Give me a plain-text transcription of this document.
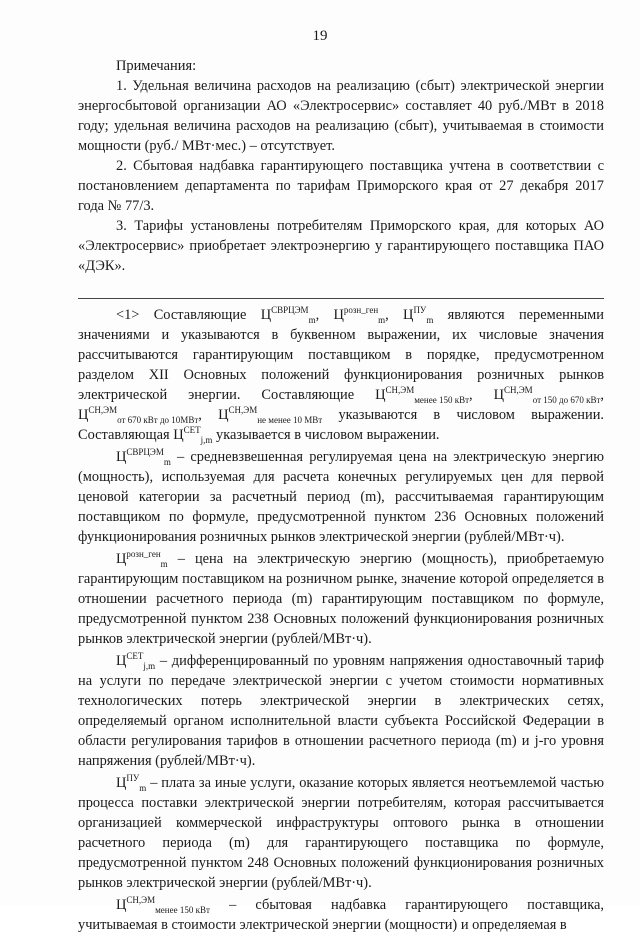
19
Примечания:

1. Удельная величина расходов на реализацию (сбыт) электрической энергии энергосбытовой организации АО «Электросервис» составляет 40 руб./МВт в 2018 году; удельная величина расходов на реализацию (сбыт), учитываемая в стоимости мощности (руб./ МВт·мес.) – отсутствует.

2. Сбытовая надбавка гарантирующего поставщика учтена в соответствии с постановлением департамента по тарифам Приморского края от 27 декабря 2017 года № 77/3.

3. Тарифы установлены потребителям Приморского края, для которых АО «Электросервис» приобретает электроэнергию у гарантирующего поставщика ПАО «ДЭК».

<1> Составляющие $Ц^{СВРЦЭМ}_m$, $Ц^{розн\_ген}_m$, $Ц^{ПУ}_m$ являются переменными значениями и указываются в буквенном выражении, их числовые значения рассчитываются гарантирующим поставщиком в порядке, предусмотренном разделом XII Основных положений функционирования розничных рынков электрической энергии. Составляющие $Ц^{СН,ЭМ}_{менее 150 кВт}$, $Ц^{СН,ЭМ}_{от 150 до 670 кВт}$, $Ц^{СН,ЭМ}_{от 670 кВт до 10МВт}$, $Ц^{СН,ЭМ}_{не менее 10 МВт}$ указываются в числовом выражении. Составляющая $Ц^{СЕТ}_{j,m}$ указывается в числовом выражении.

$Ц^{СВРЦЭМ}_m$ – средневзвешенная регулируемая цена на электрическую энергию (мощность), используемая для расчета конечных регулируемых цен для первой ценовой категории за расчетный период (m), рассчитываемая гарантирующим поставщиком по формуле, предусмотренной пунктом 236 Основных положений функционирования розничных рынков электрической энергии (рублей/МВт·ч).

$Ц^{розн\_ген}_m$ – цена на электрическую энергию (мощность), приобретаемую гарантирующим поставщиком на розничном рынке, значение которой определяется в отношении расчетного периода (m) гарантирующим поставщиком по формуле, предусмотренной пунктом 238 Основных положений функционирования розничных рынков электрической энергии (рублей/МВт·ч).

$Ц^{СЕТ}_{j,m}$ – дифференцированный по уровням напряжения одноставочный тариф на услуги по передаче электрической энергии с учетом стоимости нормативных технологических потерь электрической энергии в электрических сетях, определяемый органом исполнительной власти субъекта Российской Федерации в области регулирования тарифов в отношении расчетного периода (m) и j-го уровня напряжения (рублей/МВт·ч).

$Ц^{ПУ}_m$ – плата за иные услуги, оказание которых является неотъемлемой частью процесса поставки электрической энергии потребителям, которая рассчитывается организацией коммерческой инфраструктуры оптового рынка в отношении расчетного периода (m) для гарантирующего поставщика по формуле, предусмотренной пунктом 248 Основных положений функционирования розничных рынков электрической энергии (рублей/МВт·ч).

$Ц^{СН,ЭМ}_{менее 150 кВт}$ – сбытовая надбавка гарантирующего поставщика, учитываемая в стоимости электрической энергии (мощности) и определяемая в
